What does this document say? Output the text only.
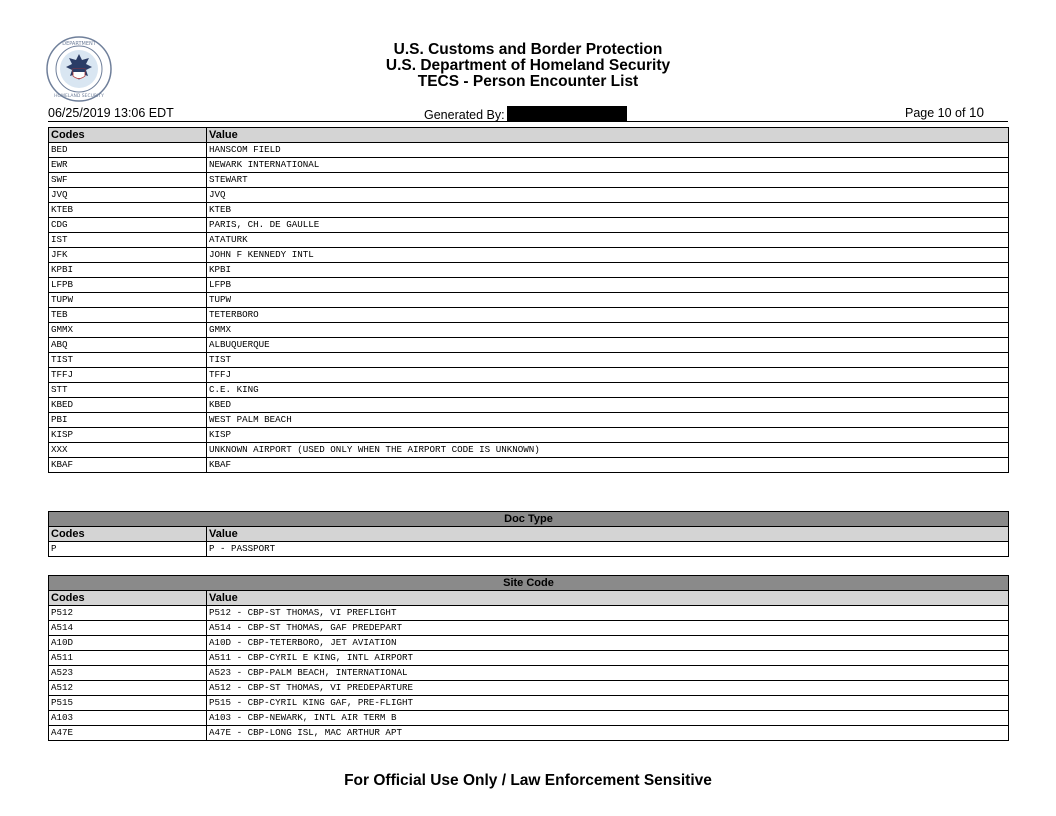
DEPARTMENT
HOMELAND SECURITY
U.S. Customs and Border Protection
U.S. Department of Homeland Security
TECS - Person Encounter List
06/25/2019 13:06 EDT	Generated By:	Page 10 of 10
Codes	Value
BED	HANSCOM FIELD
EWR	NEWARK INTERNATIONAL
SWF	STEWART
JVQ	JVQ
KTEB	KTEB
CDG	PARIS, CH. DE GAULLE
IST	ATATURK
JFK	JOHN F KENNEDY INTL
KPBI	KPBI
LFPB	LFPB
TUPW	TUPW
TEB	TETERBORO
GMMX	GMMX
ABQ	ALBUQUERQUE
TIST	TIST
TFFJ	TFFJ
STT	C.E. KING
KBED	KBED
PBI	WEST PALM BEACH
KISP	KISP
XXX	UNKNOWN AIRPORT (USED ONLY WHEN THE AIRPORT CODE IS UNKNOWN)
KBAF	KBAF
Doc Type	
Codes	Value
P	P - PASSPORT
Site Code	
Codes	Value
P512	P512 - CBP-ST THOMAS, VI PREFLIGHT
A514	A514 - CBP-ST THOMAS, GAF PREDEPART
A10D	A10D - CBP-TETERBORO, JET AVIATION
A511	A511 - CBP-CYRIL E KING, INTL AIRPORT
A523	A523 - CBP-PALM BEACH, INTERNATIONAL
A512	A512 - CBP-ST THOMAS, VI PREDEPARTURE
P515	P515 - CBP-CYRIL KING GAF, PRE-FLIGHT
A103	A103 - CBP-NEWARK, INTL AIR TERM B
A47E	A47E - CBP-LONG ISL, MAC ARTHUR APT
For Official Use Only / Law Enforcement Sensitive
